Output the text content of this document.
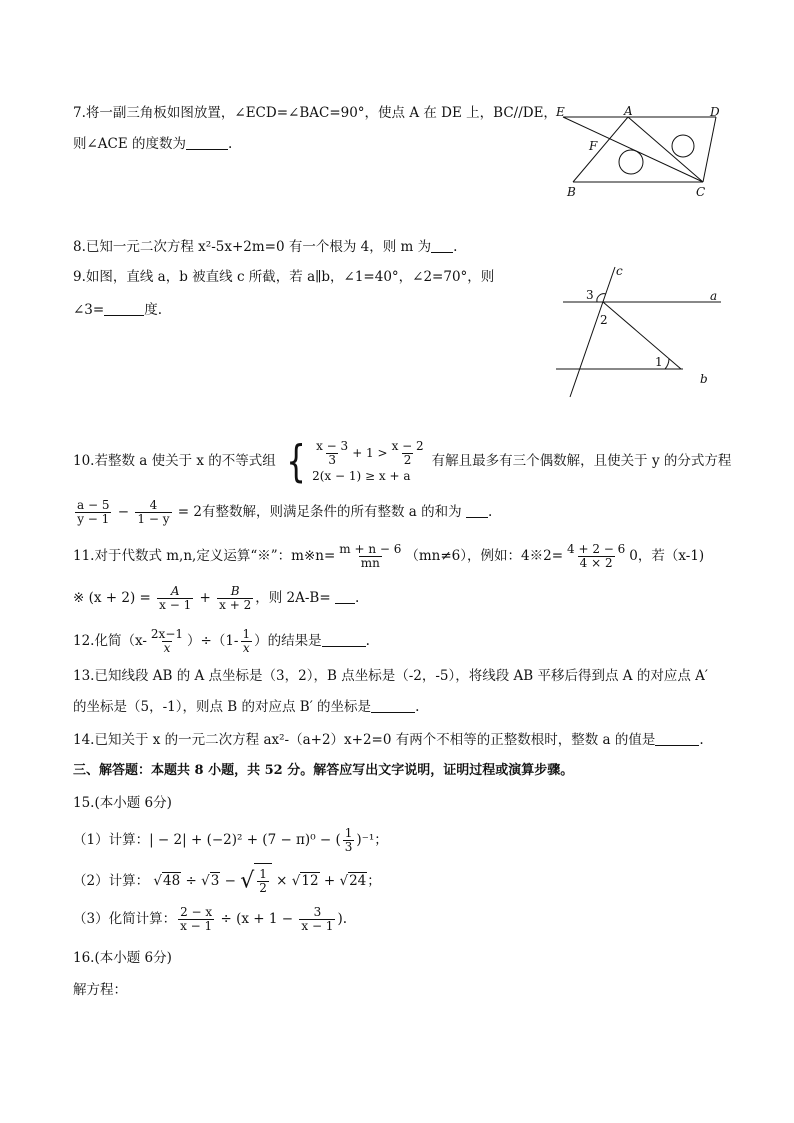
7.将一副三角板如图放置，∠ECD=∠BAC=90°，使点 A 在 DE 上，BC//DE，
则∠ACE 的度数为	.
E	A	D
F
B	C
8.已知一元二次方程 x²-5x+2m=0 有一个根为 4，则 m 为 .
9.如图，直线 a，b 被直线 c 所截，若 a∥b，∠1=40°，∠2=70°，则
∠3=	度.
c
a
b
3
2
1
10.若整数 a 使关于 x 的不等式组 { $\frac{x - 3}{3} + 1 > \frac{x - 2}{2}$
2(x − 1) ≥ x + a
有解且最多有三个偶数解，且使关于 y 的分式方程
$\frac{a - 5}{y - 1} - \frac{4}{1 - y} = 2$有整数解，则满足条件的所有整数 a 的和为 .
11.对于代数式 m,n,定义运算“※”：m※n= $\frac{m + n - 6}{mn} (mn\ne 6)$，例如：4※2= $\frac{4 + 2 - 6}{4 \times 2} 0$，若（x-1)
※ $(x + 2) = \frac{A}{x - 1} + \frac{B}{x + 2}$ ，则 2A-B= .
12.化简$(x- \frac{2x-1}{x} )\div(1- \frac{1}{x}$ ）的结果是	.
13.已知线段 AB 的 A 点坐标是（3，2），B 点坐标是（-2，-5），将线段 AB 平移后得到点 A 的对应点 A′
的坐标是（5，-1），则点 B 的对应点 B′ 的坐标是	.
14.已知关于 x 的一元二次方程 ax²-（a+2）x+2=0 有两个不相等的正整数根时，整数 a 的值是	.
三、解答题：本题共 8 小题，共 52 分。解答应写出文字说明，证明过程或演算步骤。
15.(本小题 6分)
（1）计算：| − 2| + (−2)² + (7 − π)⁰ − ( $\frac{1}{3} )^{-1}$；
（2）计算： √48 ÷ √3 − √ $\frac{1}{2} \times √12 + √24$；
（3）化简计算： $\frac{2 - x}{x - 1} \div (x + 1 - \frac{3}{x - 1}$ ).
16.(本小题 6分)
解方程：
